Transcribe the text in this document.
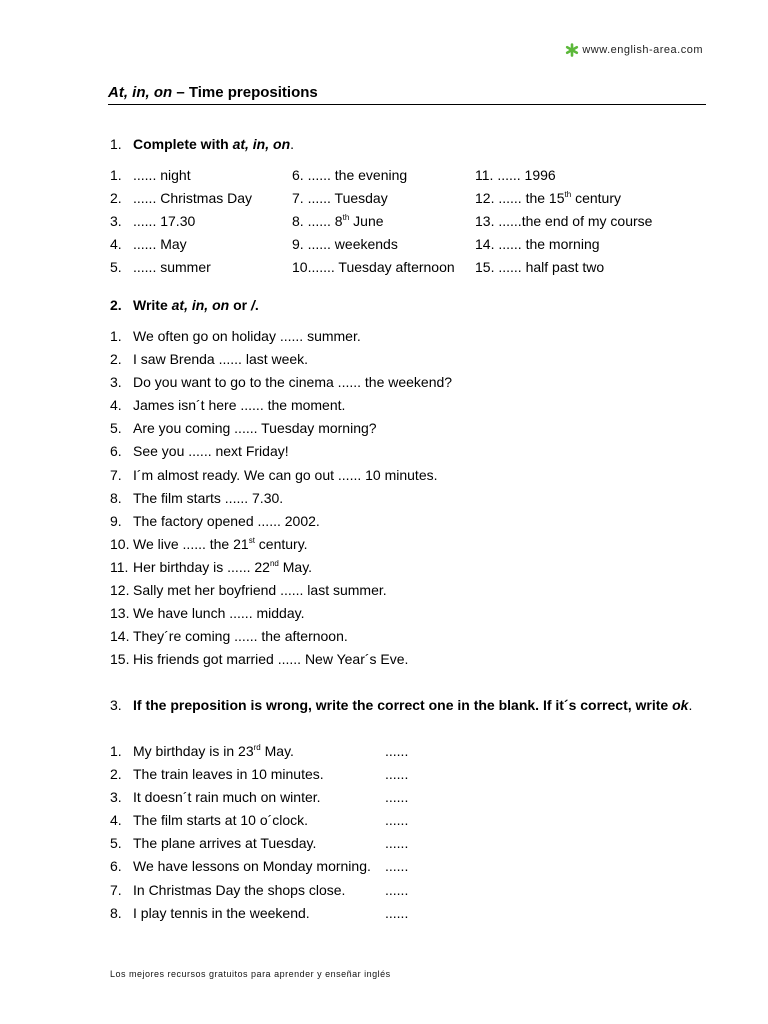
www.english-area.com
At, in, on – Time prepositions
1. Complete with at, in, on.
1. ...... night	6. ...... the evening	11. ...... 1996
2. ...... Christmas Day	7. ...... Tuesday	12. ...... the 15th century
3. ...... 17.30	8. ...... 8th June	13. ......the end of my course
4. ...... May	9. ...... weekends	14. ...... the morning
5. ...... summer	10....... Tuesday afternoon	15. ...... half past two
2. Write at, in, on or /.
1. We often go on holiday ...... summer.
2. I saw Brenda ...... last week.
3. Do you want to go to the cinema ...... the weekend?
4. James isn´t here ...... the moment.
5. Are you coming ...... Tuesday morning?
6. See you ...... next Friday!
7. I´m almost ready. We can go out ...... 10 minutes.
8. The film starts ...... 7.30.
9. The factory opened ...... 2002.
10. We live ...... the 21st century.
11. Her birthday is ...... 22nd May.
12. Sally met her boyfriend ...... last summer.
13. We have lunch ...... midday.
14. They´re coming ...... the afternoon.
15. His friends got married ...... New Year´s Eve.
3. If the preposition is wrong, write the correct one in the blank. If it´s correct, write ok.
1. My birthday is in 23rd May.	......
2. The train leaves in 10 minutes.	......
3. It doesn´t rain much on winter.	......
4. The film starts at 10 o´clock.	......
5. The plane arrives at Tuesday.	......
6. We have lessons on Monday morning.	......
7. In Christmas Day the shops close.	......
8. I play tennis in the weekend.	......
Los mejores recursos gratuitos para aprender y enseñar inglés
